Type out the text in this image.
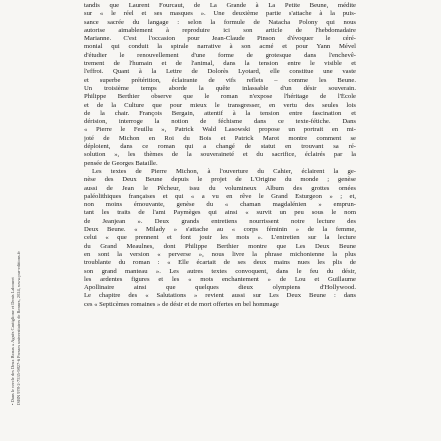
• Dans le cercle des Deux Beaux » Agnès Castiglione et Denis Labouret ISBN 978-2-7535-9827-6 Presses universitaires de Rennes, 2024, www.pur-editions.fr
tandis que Laurent Fourcaut, de La Grande à La Petite Beune, médite
sur « le réel et ses masques ». Une deuxième partie s'attache à la puis-
sance sacrée du langage : selon la formule de Natacha Polony qui nous
autorise aimablement à reproduire ici son article de l'hebdomadaire
Marianne. C'est l'occasion pour Jean-Claude Pinson d'évoquer le céré-
monial qui conduit la spirale narrative à son acmé et pour Yann Mével
d'étudier le renouvellement d'une forme de grotesque dans l'enchevê-
trement de l'humain et de l'animal, dans la tension entre le visible et
l'effroi. Quant à la Lettre de Dolorès Lyotard, elle constitue une vaste
et superbe prétérition, éclairante de vifs reflets – comme les Beune.
Un troisième temps aborde la quête inlassable d'un désir souverain.
Philippe Berthier observe que le roman n'expose l'héritage de l'École
et de la Culture que pour mieux le transgresser, en vertu des seules lois
de la chair. François Bergain, attentif à la tension entre fascination et
dérision, interroge la notion de féchisme dans ce texte-fétiche. Dans
« Pierre le Feuillu », Patrick Wald Lasowski propose un portrait en mi-
joté de Michon en Roi du Bois et Patrick Marot montre comment se
déploient, dans ce roman qui a changé de statut en trouvant sa ré-
solution », les thèmes de la souveraineté et du sacrifice, éclairés par la
pensée de Georges Bataille.
Les textes de Pierre Michon, à l'ouverture du Cahier, éclairent la ge-
nèse des Deux Beune depuis le projet de L'Origine du monde ; genèse
aussi de Jean le Pêcheur, issu du volumineux Album des grottes ornées
paléolithiques françaises et qui « a vu en rêve le Grand Esturgeon » ; et,
non moins émouvante, genèse du « chaman magdalénien » emprun-
tant les traits de l'ami Paymèges qui ainsi « survit un peu sous le nom
de Jeanjean ». Deux grands entretiens nourrissent notre lecture des
Deux Beune. « Milady » s'attache au « corps féminin » de la femme,
celui « que prennent et font jouir les mots ». L'entretien sur la lecture
du Grand Meaulnes, dont Philippe Berthier montre que Les Deux Beune
en sont la version « perverse », nous livre la phrase michonienne la plus
troublante du roman : « Elle écartait de ses deux mains nues les plis de
son grand manteau ». Les autres textes convoquent, dans le feu du désir,
les ardentes figures et les « mots enchantement » de Lou et Guillaume
Apollinaire ainsi que quelques dieux olympiens d'Hollywood.
Le chapitre des « Salutations » revient aussi sur Les Deux Beune : dans
ces « Septicèmes romaines » de désir et de mort offertes en bel hommage
